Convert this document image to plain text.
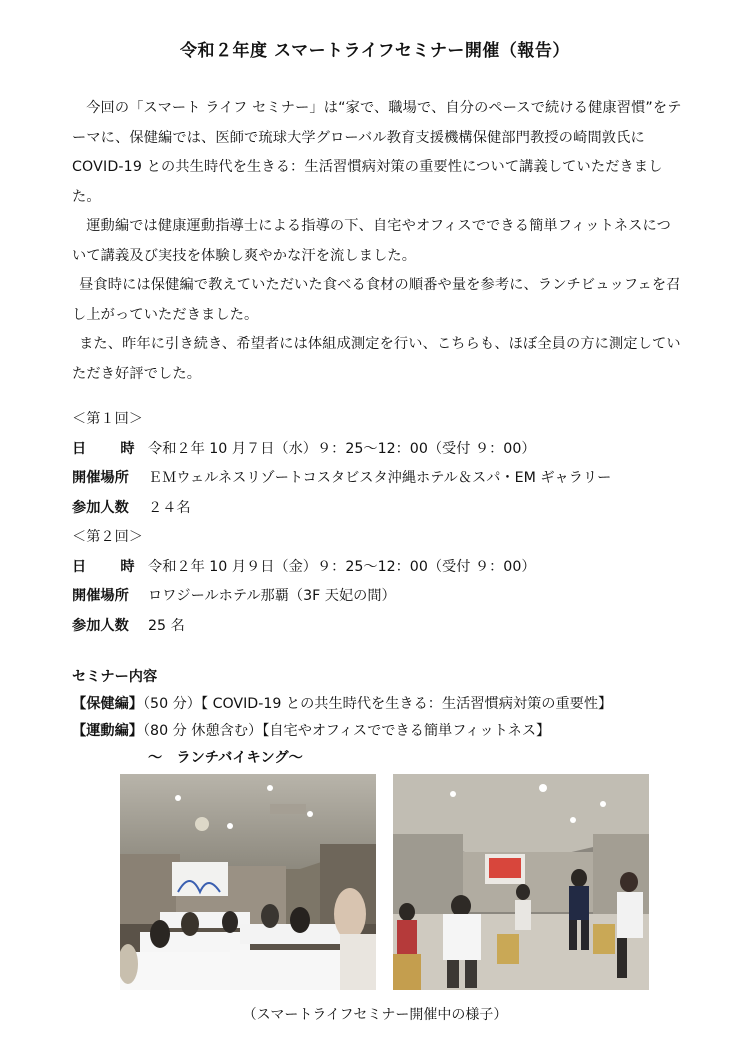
令和２年度 スマートライフセミナー開催（報告）

今回の「スマート ライフ セミナー」は“家で、職場で、自分のペースで続ける健康習慣”をテーマに、保健編では、医師で琉球大学グローバル教育支援機構保健部門教授の崎間敦氏に COVID-19 との共生時代を生きる：生活習慣病対策の重要性について講義していただきました。

運動編では健康運動指導士による指導の下、自宅やオフィスでできる簡単フィットネスについて講義及び実技を体験し爽やかな汗を流しました。

昼食時には保健編で教えていただいた食べる食材の順番や量を参考に、ランチビュッフェを召し上がっていただきました。

また、昨年に引き続き、希望者には体組成測定を行い、こちらも、ほぼ全員の方に測定していただき好評でした。

＜第１回＞
日　時 令和２年 10 月７日（水）９：25〜12：00（受付 ９：00）
開催場所 ＥＭウェルネスリゾートコスタビスタ沖縄ホテル＆スパ・EM ギャラリー
参加人数 ２４名
＜第２回＞
日　時 令和２年 10 月９日（金）９：25〜12：00（受付 ９：00）
開催場所 ロワジールホテル那覇（3F 天妃の間）
参加人数 25 名
セミナー内容
【保健編】（50 分）【 COVID-19 との共生時代を生きる：生活習慣病対策の重要性】
【運動編】（80 分 休憩含む）【自宅やオフィスでできる簡単フィットネス】
〜　ランチバイキング〜
（スマートライフセミナー開催中の様子）
